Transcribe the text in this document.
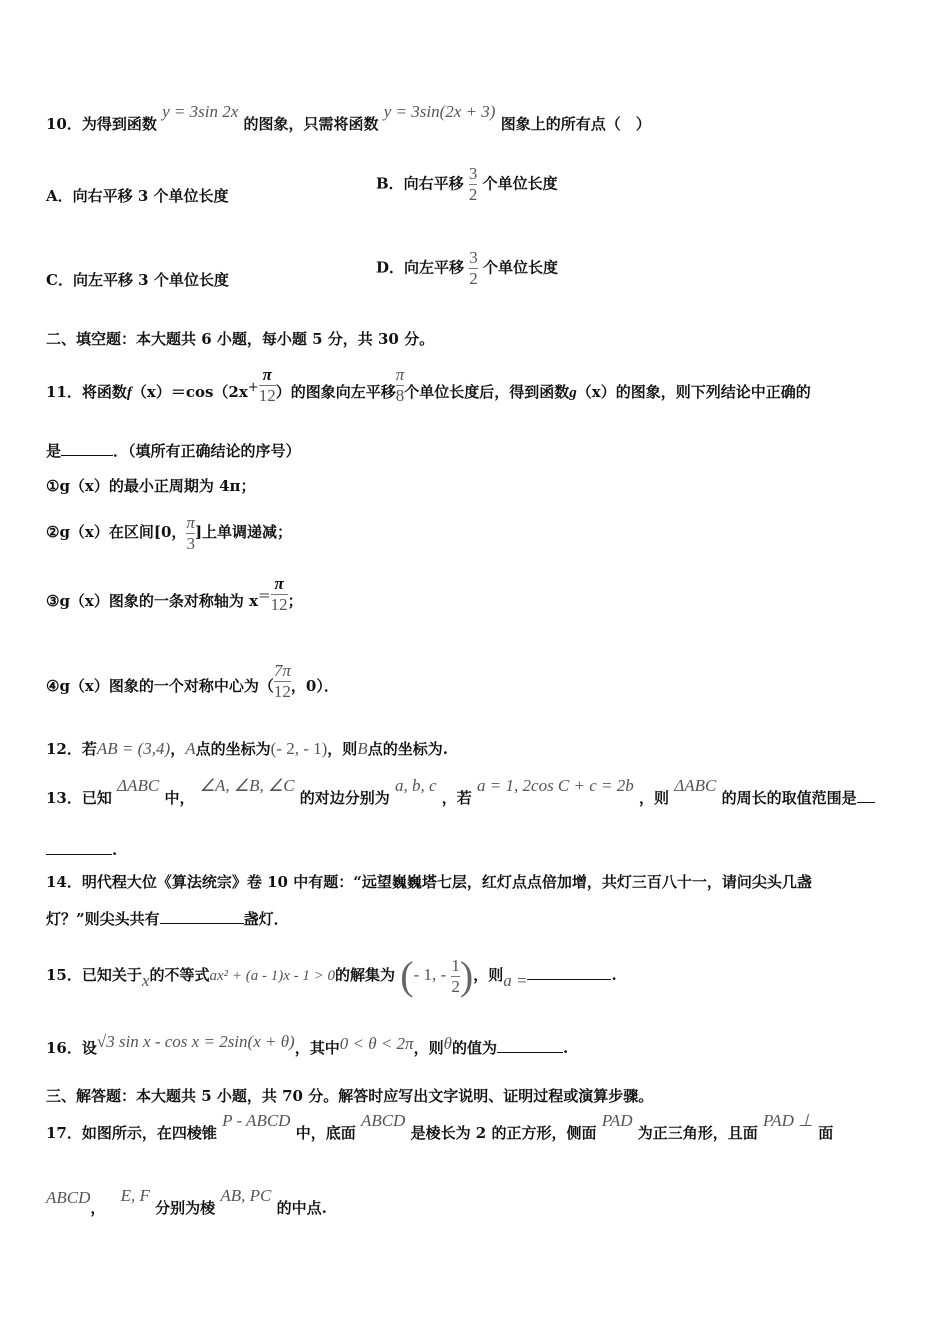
10．为得到函数 y = 3sin 2x 的图象，只需将函数 y = 3sin(2x + 3) 图象上的所有点（　）
A．向右平移 3 个单位长度
B．向右平移 $\frac{3}{2}$ 个单位长度
C．向左平移 3 个单位长度
D．向左平移 $\frac{3}{2}$ 个单位长度
二、填空题：本大题共 6 小题，每小题 5 分，共 30 分。
11．将函数$f(x)=\cos(2x^+ \frac{\pi}{12}$ ）的图象向左平移 $\frac{\pi}{8}$ 个单位长度后，得到函数g（x）的图象，则下列结论中正确的
是	．（填所有正确结论的序号）
①g（x）的最小正周期为 4π；
②g（x）在区间[0， $\frac{\pi}{3}$ ]上单调递减；
③g（x）图象的一条对称轴为 $x= \frac{\pi}{12}$ ；
④g（x）图象的一个对称中心为（ $\frac{7\pi}{12}$ ，0）．
12．若AB = (3,4)，A点的坐标为(- 2, - 1)，则B点的坐标为.
13．已知 ΔABC 中， ∠A, ∠B, ∠C 的对边分别为 a, b, c ，若 a = 1, 2cos C + c = 2b ，则 ΔABC 的周长的取值范围是
.
14．明代程大位《算法统宗》卷 10 中有题：“远望巍巍塔七层，红灯点点倍加增，共灯三百八十一，请问尖头几盏
灯？”则尖头共有	盏灯．
15．已知关于x的不等式ax² + (a - 1)x - 1 > 0的解集为 (- 1, - $\frac{1}{2}$ )，则a =	.
16．设√3 sin x - cos x = 2sin(x + θ)，其中0 < θ < 2π，则θ的值为	.
三、解答题：本大题共 5 小题，共 70 分。解答时应写出文字说明、证明过程或演算步骤。
17．如图所示，在四棱锥 P - ABCD 中，底面 ABCD 是棱长为 2 的正方形，侧面 PAD 为正三角形，且面 PAD ⊥ 面
ABCD， E, F 分别为棱 AB, PC 的中点.
